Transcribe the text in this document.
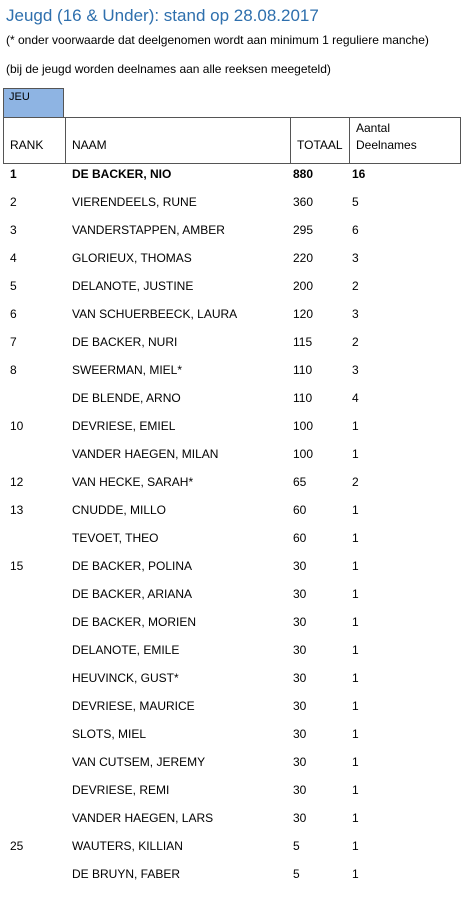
Jeugd (16 & Under): stand op 28.08.2017
(* onder voorwaarde dat deelgenomen wordt aan minimum 1 reguliere manche)
(bij de jeugd worden deelnames aan alle reeksen meegeteld)
JEU
RANK NAAM	TOTAAL
Aantal
Deelnames
1	DE BACKER, NIO	880	16
2	VIERENDEELS, RUNE	360	5
3	VANDERSTAPPEN, AMBER	295	6
4	GLORIEUX, THOMAS	220	3
5	DELANOTE, JUSTINE	200	2
6	VAN SCHUERBEECK, LAURA	120	3
7	DE BACKER, NURI	115	2
8	SWEERMAN, MIEL*	110	3
DE BLENDE, ARNO	110	4
10	DEVRIESE, EMIEL	100	1
VANDER HAEGEN, MILAN	100	1
12	VAN HECKE, SARAH*	65	2
13	CNUDDE, MILLO	60	1
TEVOET, THEO	60	1
15	DE BACKER, POLINA	30	1
DE BACKER, ARIANA	30	1
DE BACKER, MORIEN	30	1
DELANOTE, EMILE	30	1
HEUVINCK, GUST*	30	1
DEVRIESE, MAURICE	30	1
SLOTS, MIEL	30	1
VAN CUTSEM, JEREMY	30	1
DEVRIESE, REMI	30	1
VANDER HAEGEN, LARS	30	1
25	WAUTERS, KILLIAN	5	1
DE BRUYN, FABER	5	1
